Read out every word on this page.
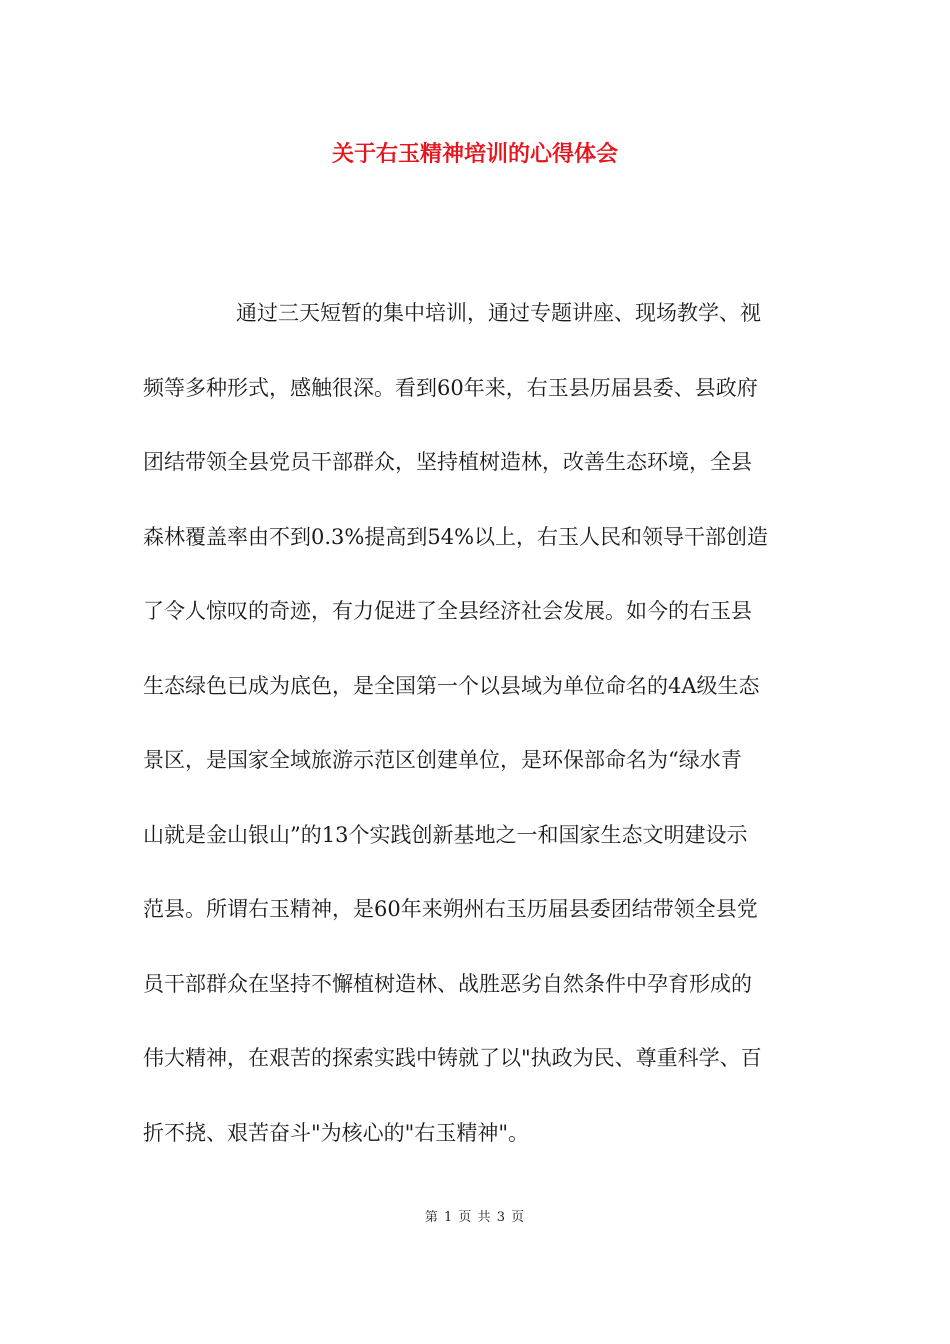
关于右玉精神培训的心得体会
通过三天短暂的集中培训，通过专题讲座、现场教学、视
频等多种形式，感触很深。看到60年来，右玉县历届县委、县政府
团结带领全县党员干部群众，坚持植树造林，改善生态环境，全县
森林覆盖率由不到0.3%提高到54%以上，右玉人民和领导干部创造
了令人惊叹的奇迹，有力促进了全县经济社会发展。如今的右玉县
生态绿色已成为底色，是全国第一个以县域为单位命名的4A级生态
景区，是国家全域旅游示范区创建单位，是环保部命名为“绿水青
山就是金山银山”的13个实践创新基地之一和国家生态文明建设示
范县。所谓右玉精神，是60年来朔州右玉历届县委团结带领全县党
员干部群众在坚持不懈植树造林、战胜恶劣自然条件中孕育形成的
伟大精神，在艰苦的探索实践中铸就了以"执政为民、尊重科学、百
折不挠、艰苦奋斗"为核心的"右玉精神"。
第 1 页 共 3 页
